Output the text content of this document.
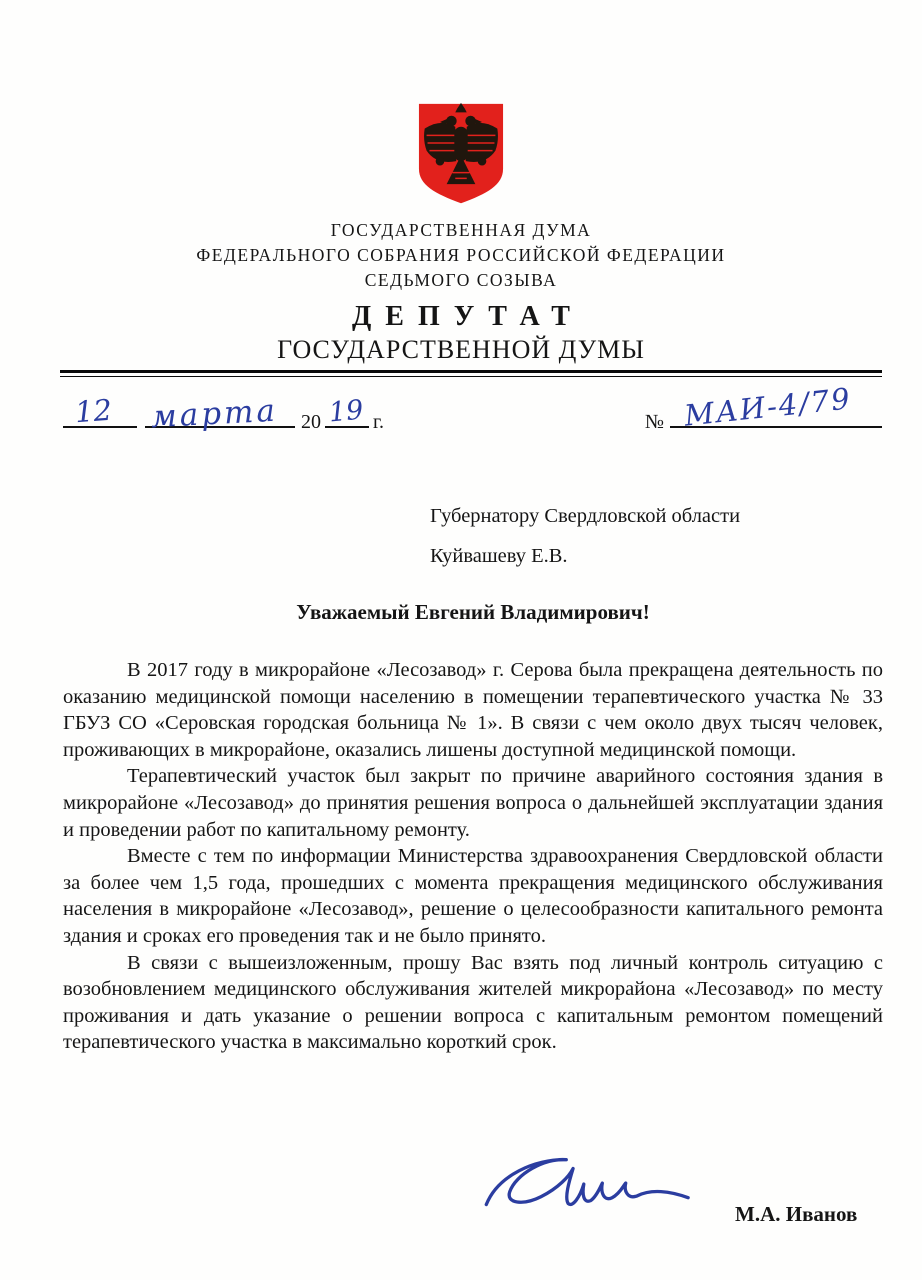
ГОСУДАРСТВЕННАЯ ДУМА
ФЕДЕРАЛЬНОГО СОБРАНИЯ РОССИЙСКОЙ ФЕДЕРАЦИИ
СЕДЬМОГО СОЗЫВА
ДЕПУТАТ
ГОСУДАРСТВЕННОЙ ДУМЫ
12 марта 20 19 г.	№ МАИ-4/79
Губернатору Свердловской области
Куйвашеву Е.В.
Уважаемый Евгений Владимирович!

В 2017 году в микрорайоне «Лесозавод» г. Серова была прекращена деятельность по оказанию медицинской помощи населению в помещении терапевтического участка № 33 ГБУЗ СО «Серовская городская больница № 1». В связи с чем около двух тысяч человек, проживающих в микрорайоне, оказались лишены доступной медицинской помощи.

Терапевтический участок был закрыт по причине аварийного состояния здания в микрорайоне «Лесозавод» до принятия решения вопроса о дальнейшей эксплуатации здания и проведении работ по капитальному ремонту.

Вместе с тем по информации Министерства здравоохранения Свердловской области за более чем 1,5 года, прошедших с момента прекращения медицинского обслуживания населения в микрорайоне «Лесозавод», решение о целесообразности капитального ремонта здания и сроках его проведения так и не было принято.

В связи с вышеизложенным, прошу Вас взять под личный контроль ситуацию с возобновлением медицинского обслуживания жителей микрорайона «Лесозавод» по месту проживания и дать указание о решении вопроса с капитальным ремонтом помещений терапевтического участка в максимально короткий срок.

М.А. Иванов
